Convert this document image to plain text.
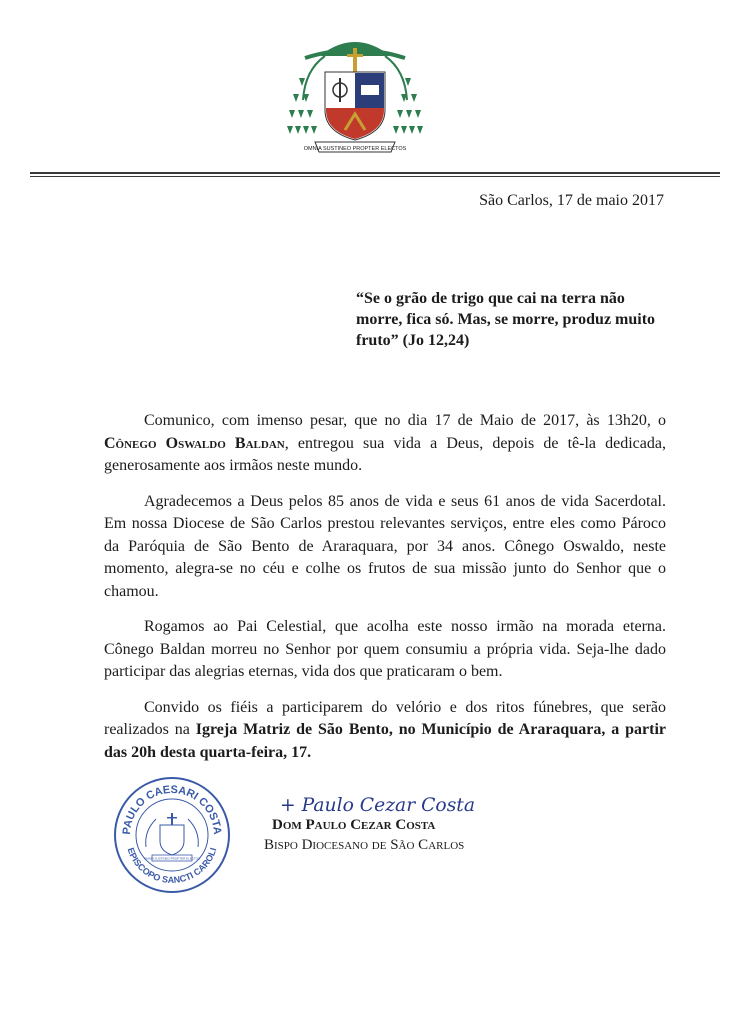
OMNIA SUSTINEO PROPTER ELECTOS
São Carlos, 17 de maio 2017
“Se o grão de trigo que cai na terra não morre, fica só. Mas, se morre, produz muito fruto” (Jo 12,24)

Comunico, com imenso pesar, que no dia 17 de Maio de 2017, às 13h20, o Cônego Oswaldo Baldan, entregou sua vida a Deus, depois de tê-la dedicada, generosamente aos irmãos neste mundo.

Agradecemos a Deus pelos 85 anos de vida e seus 61 anos de vida Sacerdotal. Em nossa Diocese de São Carlos prestou relevantes serviços, entre eles como Pároco da Paróquia de São Bento de Araraquara, por 34 anos. Cônego Oswaldo, neste momento, alegra-se no céu e colhe os frutos de sua missão junto do Senhor que o chamou.

Rogamos ao Pai Celestial, que acolha este nosso irmão na morada eterna. Cônego Baldan morreu no Senhor por quem consumiu a própria vida. Seja-lhe dado participar das alegrias eternas, vida dos que praticaram o bem.

Convido os fiéis a participarem do velório e dos ritos fúnebres, que serão realizados na Igreja Matriz de São Bento, no Município de Araraquara, a partir das 20h desta quarta-feira, 17.

PAULO CAESARI COSTA
EPISCOPO SANCTI CAROLI
OMNIA SUSTINEO PROPTER ELECTOS
+ Paulo Cezar Costa
Dom Paulo Cezar Costa
Bispo Diocesano de São Carlos
